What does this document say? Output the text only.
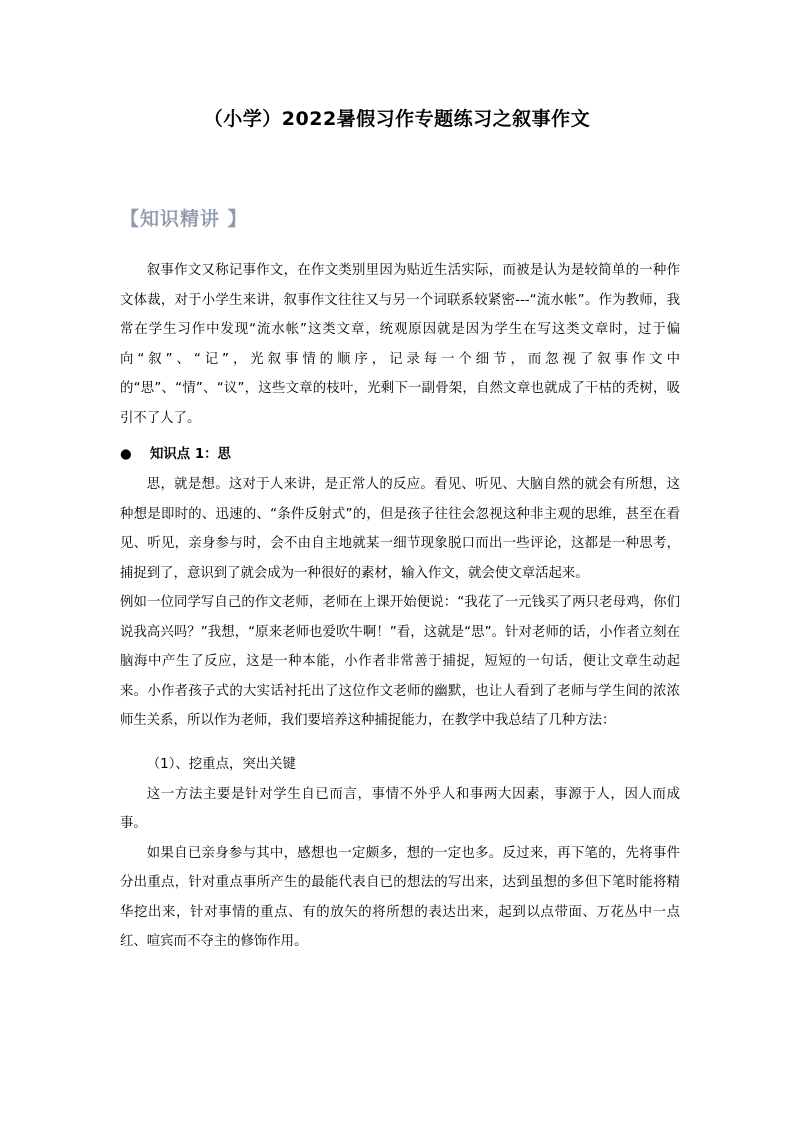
（小学）2022暑假习作专题练习之叙事作文
【知识精讲 】

叙事作文又称记事作文，在作文类别里因为贴近生活实际，而被是认为是较简单的一种作文体裁，对于小学生来讲，叙事作文往往又与另一个词联系较紧密---“流水帐”。作为教师，我常在学生习作中发现“流水帐”这类文章，统观原因就是因为学生在写这类文章时，过于偏向“叙”、“记”，光叙事情的顺序，记录每一个细节，而忽视了叙事作文中的“思”、“情”、“议”，这些文章的枝叶，光剩下一副骨架，自然文章也就成了干枯的秃树，吸引不了人了。

● 知识点 1：思

思，就是想。这对于人来讲，是正常人的反应。看见、听见、大脑自然的就会有所想，这种想是即时的、迅速的、“条件反射式”的，但是孩子往往会忽视这种非主观的思维，甚至在看见、听见，亲身参与时，会不由自主地就某一细节现象脱口而出一些评论，这都是一种思考，捕捉到了，意识到了就会成为一种很好的素材，输入作文，就会使文章活起来。

例如一位同学写自己的作文老师，老师在上课开始便说：“我花了一元钱买了两只老母鸡，你们说我高兴吗？”我想，“原来老师也爱吹牛啊！”看，这就是“思”。针对老师的话，小作者立刻在脑海中产生了反应，这是一种本能，小作者非常善于捕捉，短短的一句话，便让文章生动起来。小作者孩子式的大实话衬托出了这位作文老师的幽默，也让人看到了老师与学生间的浓浓师生关系，所以作为老师，我们要培养这种捕捉能力，在教学中我总结了几种方法：

（1）、挖重点，突出关键

这一方法主要是针对学生自已而言，事情不外乎人和事两大因素，事源于人，因人而成事。

如果自已亲身参与其中，感想也一定颇多，想的一定也多。反过来，再下笔的，先将事件分出重点，针对重点事所产生的最能代表自已的想法的写出来，达到虽想的多但下笔时能将精华挖出来，针对事情的重点、有的放矢的将所想的表达出来，起到以点带面、万花丛中一点红、喧宾而不夺主的修饰作用。
